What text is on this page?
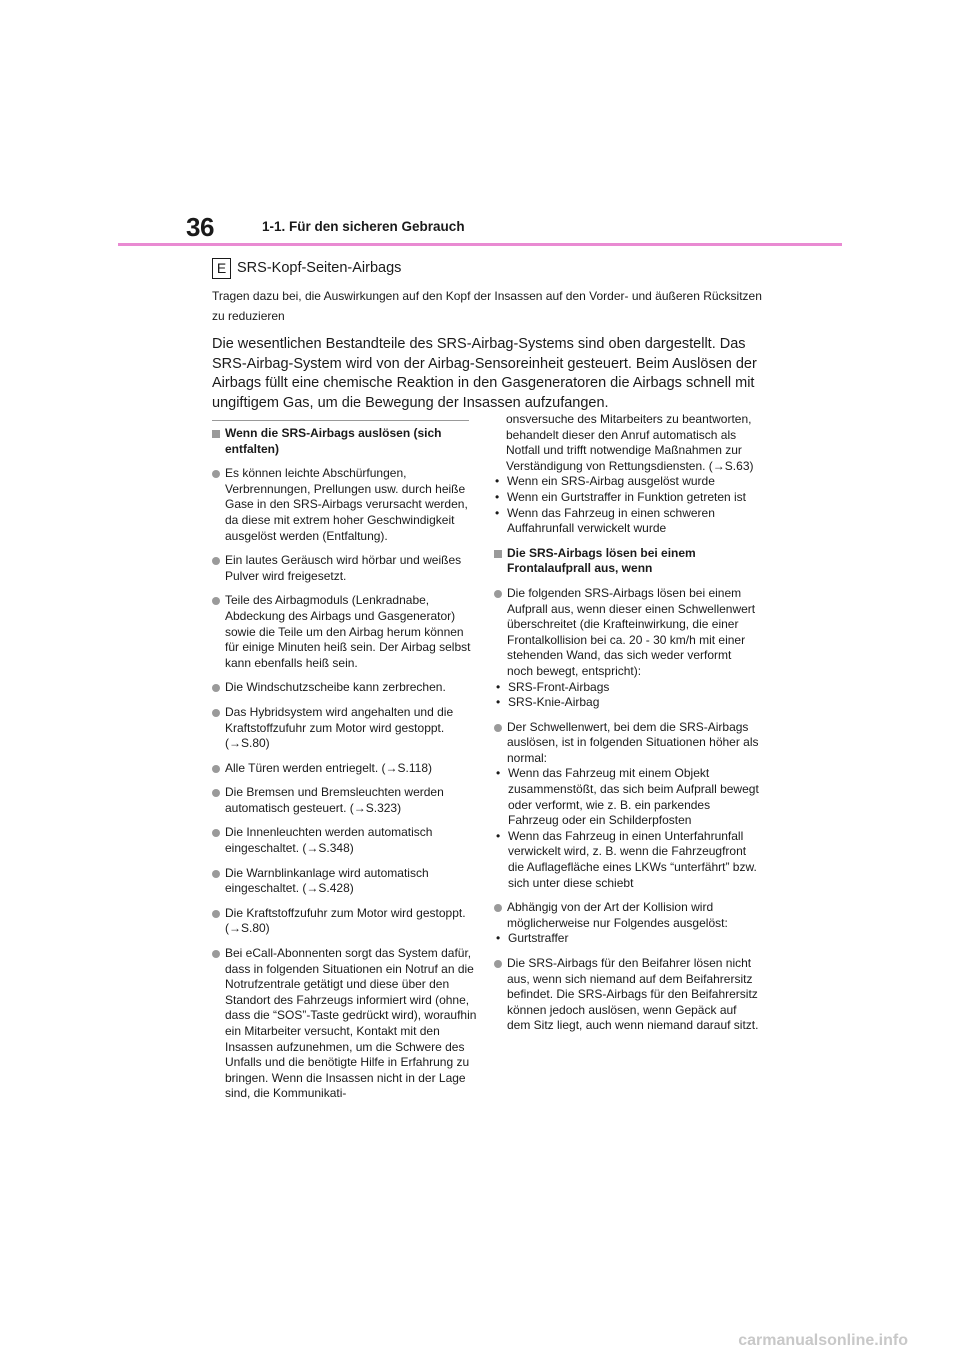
36	1-1. Für den sicheren Gebrauch
E SRS-Kopf-Seiten-Airbags
Tragen dazu bei, die Auswirkungen auf den Kopf der Insassen auf den Vorder- und äußeren Rücksitzen zu reduzieren
Die wesentlichen Bestandteile des SRS-Airbag-Systems sind oben dargestellt. Das SRS-Airbag-System wird von der Airbag-Sensoreinheit gesteuert. Beim Auslösen der Airbags füllt eine chemische Reaktion in den Gasgeneratoren die Airbags schnell mit ungiftigem Gas, um die Bewegung der Insassen aufzufangen.
Wenn die SRS-Airbags auslösen (sich entfalten)
Es können leichte Abschürfungen, Verbrennungen, Prellungen usw. durch heiße Gase in den SRS-Airbags verursacht werden, da diese mit extrem hoher Geschwindigkeit ausgelöst werden (Entfaltung).
Ein lautes Geräusch wird hörbar und weißes Pulver wird freigesetzt.
Teile des Airbagmoduls (Lenkradnabe, Abdeckung des Airbags und Gasgenerator) sowie die Teile um den Airbag herum können für einige Minuten heiß sein. Der Airbag selbst kann ebenfalls heiß sein.
Die Windschutzscheibe kann zerbrechen.
Das Hybridsystem wird angehalten und die Kraftstoffzufuhr zum Motor wird gestoppt. (→S.80)
Alle Türen werden entriegelt. (→S.118)
Die Bremsen und Bremsleuchten werden automatisch gesteuert. (→S.323)
Die Innenleuchten werden automatisch eingeschaltet. (→S.348)
Die Warnblinkanlage wird automatisch eingeschaltet. (→S.428)
Die Kraftstoffzufuhr zum Motor wird gestoppt. (→S.80)
Bei eCall-Abonnenten sorgt das System dafür, dass in folgenden Situationen ein Notruf an die Notrufzentrale getätigt und diese über den Standort des Fahrzeugs informiert wird (ohne, dass die “SOS”-Taste gedrückt wird), woraufhin ein Mitarbeiter versucht, Kontakt mit den Insassen aufzunehmen, um die Schwere des Unfalls und die benötigte Hilfe in Erfahrung zu bringen. Wenn die Insassen nicht in der Lage sind, die Kommunikati-
onsversuche des Mitarbeiters zu beantworten, behandelt dieser den Anruf automatisch als Notfall und trifft notwendige Maßnahmen zur Verständigung von Rettungsdiensten. (→S.63)
• Wenn ein SRS-Airbag ausgelöst wurde
• Wenn ein Gurtstraffer in Funktion getreten ist
• Wenn das Fahrzeug in einen schweren Auffahrunfall verwickelt wurde
Die SRS-Airbags lösen bei einem Frontalaufprall aus, wenn
Die folgenden SRS-Airbags lösen bei einem Aufprall aus, wenn dieser einen Schwellenwert überschreitet (die Krafteinwirkung, die einer Frontalkollision bei ca. 20 - 30 km/h mit einer stehenden Wand, das sich weder verformt noch bewegt, entspricht):
• SRS-Front-Airbags
• SRS-Knie-Airbag
Der Schwellenwert, bei dem die SRS-Airbags auslösen, ist in folgenden Situationen höher als normal:
• Wenn das Fahrzeug mit einem Objekt zusammenstößt, das sich beim Aufprall bewegt oder verformt, wie z. B. ein parkendes Fahrzeug oder ein Schilderpfosten
• Wenn das Fahrzeug in einen Unterfahrunfall verwickelt wird, z. B. wenn die Fahrzeugfront die Auflagefläche eines LKWs “unterfährt” bzw. sich unter diese schiebt
Abhängig von der Art der Kollision wird möglicherweise nur Folgendes ausgelöst:
• Gurtstraffer
Die SRS-Airbags für den Beifahrer lösen nicht aus, wenn sich niemand auf dem Beifahrersitz befindet. Die SRS-Airbags für den Beifahrersitz können jedoch auslösen, wenn Gepäck auf dem Sitz liegt, auch wenn niemand darauf sitzt.
carmanualsonline.info
